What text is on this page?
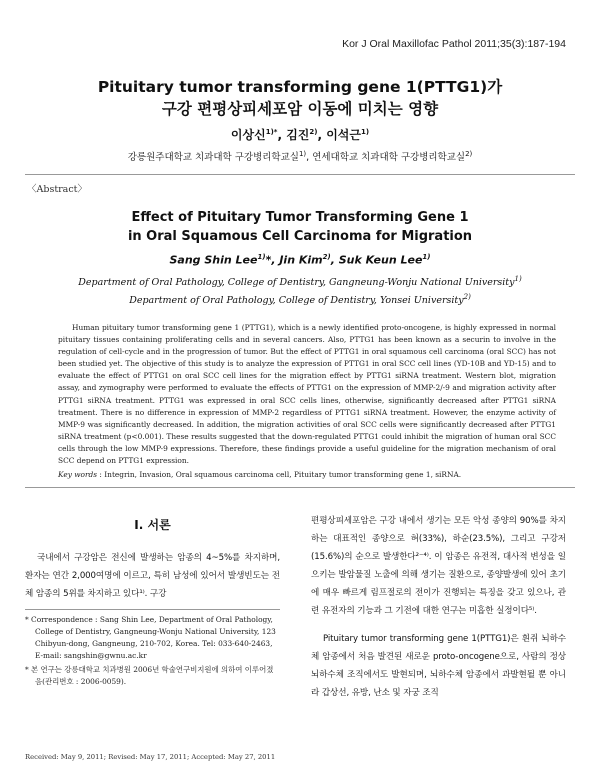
Kor J Oral Maxillofac Pathol 2011;35(3):187-194
Pituitary tumor transforming gene 1(PTTG1)가
구강 편평상피세포암 이동에 미치는 영향
이상신$^{1)*}$, 김진$^{2)}$, 이석근$^{1)}$
강릉원주대학교 치과대학 구강병리학교실$^{1)}$, 연세대학교 치과대학 구강병리학교실$^{2)}$
〈Abstract〉
Effect of Pituitary Tumor Transforming Gene 1
in Oral Squamous Cell Carcinoma for Migration
Sang Shin Lee$^{1)}$*, Jin Kim$^{2)}$, Suk Keun Lee$^{1)}$
Department of Oral Pathology, College of Dentistry, Gangneung-Wonju National University$^{1)}$
Department of Oral Pathology, College of Dentistry, Yonsei University$^{2)}$

Human pituitary tumor transforming gene 1 (PTTG1), which is a newly identified proto-oncogene, is highly expressed in normal pituitary tissues containing proliferating cells and in several cancers. Also, PTTG1 has been known as a securin to involve in the regulation of cell-cycle and in the progression of tumor. But the effect of PTTG1 in oral squamous cell carcinoma (oral SCC) has not been studied yet. The objective of this study is to analyze the expression of PTTG1 in oral SCC cell lines (YD-10B and YD-15) and to evaluate the effect of PTTG1 on oral SCC cell lines for the migration effect by PTTG1 siRNA treatment. Western blot, migration assay, and zymography were performed to evaluate the effects of PTTG1 on the expression of MMP-2/-9 and migration activity after PTTG1 siRNA treatment. PTTG1 was expressed in oral SCC cells lines, otherwise, significantly decreased after PTTG1 siRNA treatment. There is no difference in expression of MMP-2 regardless of PTTG1 siRNA treatment. However, the enzyme activity of MMP-9 was significantly decreased. In addition, the migration activities of oral SCC cells were significantly decreased after PTTG1 siRNA treatment (p<0.001). These results suggested that the down-regulated PTTG1 could inhibit the migration of human oral SCC cells through the low MMP-9 expressions. Therefore, these findings provide a useful guideline for the migration mechanism of oral SCC depend on PTTG1 expression.

Key words : Integrin, Invasion, Oral squamous carcinoma cell, Pituitary tumor transforming gene 1, siRNA.
Ⅰ. 서론

국내에서 구강암은 전신에 발생하는 암종의 4~5%를 차지하며, 환자는 연간 2,000여명에 이르고, 특히 남성에 있어서 발생빈도는 전체 암종의 5위를 차지하고 있다¹⁾. 구강

* Correspondence : Sang Shin Lee, Department of Oral Pathology, College of Dentistry, Gangneung-Wonju National University, 123 Chibyun-dong, Gangneung, 210-702, Korea. Tel: 033-640-2463, E-mail: sangshin@gwnu.ac.kr

* 본 연구는 강릉대학교 치과병원 2006년 학술연구비지원에 의하여 이루어졌음(관리번호 : 2006-0059).

Received: May 9, 2011; Revised: May 17, 2011; Accepted: May 27, 2011

편평상피세포암은 구강 내에서 생기는 모든 악성 종양의 90%를 차지하는 대표적인 종양으로 혀(33%), 하순(23.5%), 그리고 구강저(15.6%)의 순으로 발생한다²⁻⁴⁾. 이 암종은 유전적, 대사적 변성을 일으키는 발암물질 노출에 의해 생기는 질환으로, 종양발생에 있어 초기에 매우 빠르게 림프절로의 전이가 진행되는 특징을 갖고 있으나, 관련 유전자의 기능과 그 기전에 대한 연구는 미흡한 실정이다⁵⁾.

Pituitary tumor transforming gene 1(PTTG1)은 흰쥐 뇌하수체 암종에서 처음 발견된 새로운 proto-oncogene으로, 사람의 정상 뇌하수체 조직에서도 발현되며, 뇌하수체 암종에서 과발현될 뿐 아니라 갑상선, 유방, 난소 및 자궁 조직
